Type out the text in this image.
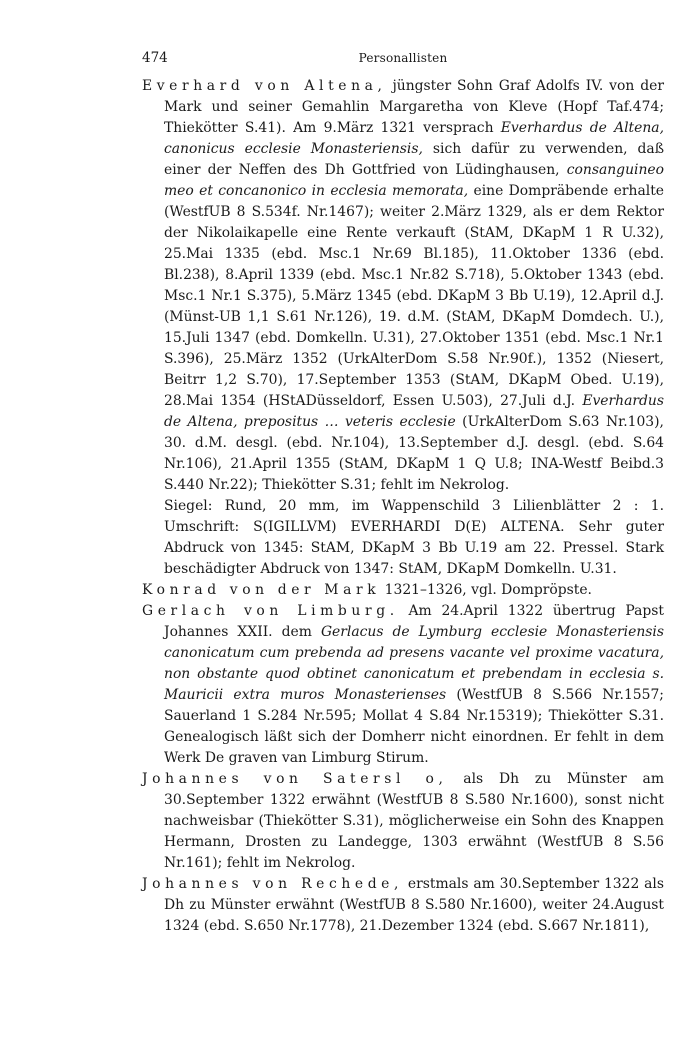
474	Personallisten

Everhard von Altena, jüngster Sohn Graf Adolfs IV. von der Mark und seiner Gemahlin Margaretha von Kleve (Hopf Taf.474; Thiekötter S.41). Am 9.März 1321 versprach Everhardus de Altena, canonicus ecclesie Monasteriensis, sich dafür zu verwenden, daß einer der Neffen des Dh Gottfried von Lüdinghausen, consanguineo meo et concanonico in ecclesia memorata, eine Dompräbende erhalte (WestfUB 8 S.534f. Nr.1467); weiter 2.März 1329, als er dem Rektor der Nikolaikapelle eine Rente verkauft (StAM, DKapM 1 R U.32), 25.Mai 1335 (ebd. Msc.1 Nr.69 Bl.185), 11.Oktober 1336 (ebd. Bl.238), 8.April 1339 (ebd. Msc.1 Nr.82 S.718), 5.Oktober 1343 (ebd. Msc.1 Nr.1 S.375), 5.März 1345 (ebd. DKapM 3 Bb U.19), 12.April d.J. (Münst-UB 1,1 S.61 Nr.126), 19. d.M. (StAM, DKapM Domdech. U.), 15.Juli 1347 (ebd. Domkelln. U.31), 27.Oktober 1351 (ebd. Msc.1 Nr.1 S.396), 25.März 1352 (UrkAlterDom S.58 Nr.90f.), 1352 (Niesert, Beitrr 1,2 S.70), 17.September 1353 (StAM, DKapM Obed. U.19), 28.Mai 1354 (HStADüsseldorf, Essen U.503), 27.Juli d.J. Everhardus de Altena, prepositus … veteris ecclesie (UrkAlterDom S.63 Nr.103), 30. d.M. desgl. (ebd. Nr.104), 13.September d.J. desgl. (ebd. S.64 Nr.106), 21.April 1355 (StAM, DKapM 1 Q U.8; INA-Westf Beibd.3 S.440 Nr.22); Thiekötter S.31; fehlt im Nekrolog.

Siegel: Rund, 20 mm, im Wappenschild 3 Lilienblätter 2 : 1. Umschrift: S(IGILLVM) EVERHARDI D(E) ALTENA. Sehr guter Abdruck von 1345: StAM, DKapM 3 Bb U.19 am 22. Pressel. Stark beschädigter Abdruck von 1347: StAM, DKapM Domkelln. U.31.

Konrad von der Mark 1321–1326, vgl. Dompröpste.

Gerlach von Limburg. Am 24.April 1322 übertrug Papst Johannes XXII. dem Gerlacus de Lymburg ecclesie Monasteriensis canonicatum cum prebenda ad presens vacante vel proxime vacatura, non obstante quod obtinet canonicatum et prebendam in ecclesia s. Mauricii extra muros Monasterienses (WestfUB 8 S.566 Nr.1557; Sauerland 1 S.284 Nr.595; Mollat 4 S.84 Nr.15319); Thiekötter S.31. Genealogisch läßt sich der Domherr nicht einordnen. Er fehlt in dem Werk De graven van Limburg Stirum.

Johannes von Satersl o, als Dh zu Münster am 30.September 1322 erwähnt (WestfUB 8 S.580 Nr.1600), sonst nicht nachweisbar (Thiekötter S.31), möglicherweise ein Sohn des Knappen Hermann, Drosten zu Landegge, 1303 erwähnt (WestfUB 8 S.56 Nr.161); fehlt im Nekrolog.

Johannes von Rechede, erstmals am 30.September 1322 als Dh zu Münster erwähnt (WestfUB 8 S.580 Nr.1600), weiter 24.August 1324 (ebd. S.650 Nr.1778), 21.Dezember 1324 (ebd. S.667 Nr.1811),
